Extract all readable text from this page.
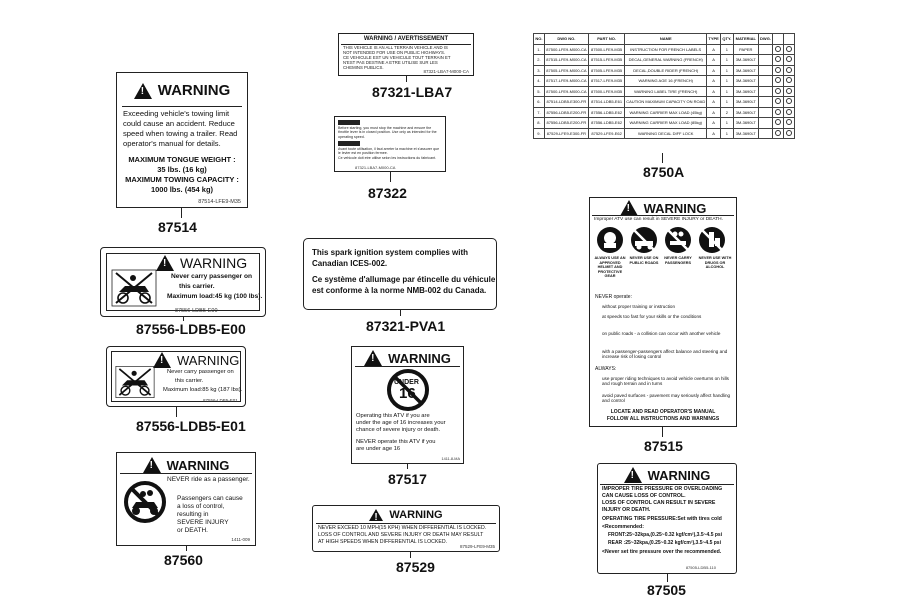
!
WARNING
Exceeding vehicle's towing limit could cause an accident. Reduce speed when towing a trailer. Read operator's manual for details.
MAXIMUM TONGUE WEIGHT :
35 lbs. (16 kg)
MAXIMUM TOWING CAPACITY :
1000 lbs. (454 kg)
87514-LFE9-M35
87514
!
WARNING
Never carry passenger on
this carrier.
Maximum load:45 kg (100 lbs).
87556-LDB5-E00
87556-LDB5-E00
!
WARNING
Never carry passenger on
this carrier.
Maximum load:85 kg (187 lbs).
87556-LDB5-E01
87556-LDB5-E01
!
WARNING
NEVER ride as a passenger.
Passengers can cause
a loss of control,
resulting in
SEVERE INJURY
or DEATH.
1411-009
87560
WARNING / AVERTISSEMENT
THIS VEHICLE IS AN ALL TERRAIN VEHICLE AND IS
NOT INTENDED FOR USE ON PUBLIC HIGHWAYS.
CE VEHICULE EST UN VEHICULE TOUT TERRAIN ET
N'EST PAS DESTINE A ETRE UTILISE SUR LES
CHEMINS PUBLICS.
87321-LBA7-M000-CA
87321-LBA7
Before starting, you must stop the machine and ensure the throttle lever is in closed position. Use only as intended for the operating speed.
Avant toute utilisation, il faut arreter la machine et s'assurer que le levier est en position fermee.
Ce vehicule doit etre utilise selon les instructions du fabricant.
87321-LBA7-M000-CA
87322
This spark ignition system complies with
Canadian ICES-002.
Ce système d'allumage par étincelle du véhicule
est conforme à la norme NMB-002 du Canada.
87321-PVA1
!
WARNING
UNDER
16
Operating this ATV if you are
under the age of 16 increases your
chance of severe injury or death.
NEVER operate this ATV if you
are under age 16
1411-8-MA
87517
!
WARNING
NEVER EXCEED 10 MPH(15 KPH) WHEN DIFFERENTIAL IS LOCKED.
LOSS OF CONTROL AND SEVERE INJURY OR DEATH MAY RESULT
AT HIGH SPEEDS WHEN DIFFERENTIAL IS LOCKED.
87529-LFE9-M35
87529
NO.	DWG NO.	PART NO.	NAME	TYPE	QTY.	MATERIAL	DWG.		
1.	87500-LFE9-M000-CA	87500-LFE9-M35	INSTRUCTION FOR FRENCH LABELS	A	1	PAPER			
2.	87515-LFE9-M000-CA	87515-LFE9-M35	DECAL,GENERAL WARNING (FRENCH)	A	1	3M-3690LT			
3.	87505-LFE9-M000-CA	87505-LFE9-M35	DECAL,DOUBLE RIDER (FRENCH)	A	1	3M-3690LT			
4.	87517-LFE9-M000-CA	87517-LFE9-M35	WARNING AGE 16 (FRENCH)	A	1	3M-3690LT			
5.	87500-LFE9-M000-CA	87500-LFE9-M35	WARNING LABEL TIRE (FRENCH)	A	1	3M-3690LT			
6.	87514-LDB5-E300-FR	87514-LDB5-E61	CAUTION MAXIMUM CAPACITY ON ROAD	A	1	3M-3690LT			
7.	87556-LDB5-E200-FR	87556-LDB5-E62	WARNING CARRIER MAX LOAD (45kg)	A	2	3M-3690LT			
8.	87556-LDB5-E200-FR	87556-LDB5-E62	WARNING CARRIER MAX LOAD (85kg)	A	1	3M-3690LT			
9.	87529-LFE9-E300-FR	87529-LFE9-E62	WARNING DECAL DIFF LOCK	A	1	3M-3690LT			
8750A
!
WARNING
Improper ATV use can result in SEVERE INJURY or DEATH.
ALWAYS USE AN APPROVED HELMET AND PROTECTIVE GEAR
NEVER USE ON PUBLIC ROADS
NEVER CARRY PASSENGERS
NEVER USE WITH DRUGS OR ALCOHOL
NEVER operate:
without proper training or instruction
at speeds too fast for your skills or the conditions
on public roads - a collision can occur with another vehicle
with a passenger-passengers affect balance and steering and increase risk of losing control
ALWAYS:
use proper riding techniques to avoid vehicle overturns on hills and rough terrain and in turns
avoid paved surfaces - pavement may seriously affect handling and control
LOCATE AND READ OPERATOR'S MANUAL
FOLLOW ALL INSTRUCTIONS AND WARNINGS
87515
!
WARNING
IMPROPER TIRE PRESSURE OR OVERLOADING
CAN CAUSE LOSS OF CONTROL.
LOSS OF CONTROL CAN RESULT IN SEVERE
INJURY OR DEATH.
OPERATING TIRE PRESSURE:Set with tires cold
<Recommended:
FRONT:25~32kpa,(0.25~0.32 kgf/cm²),3.5~4.5 psi
REAR :25~32kpa,(0.25~0.32 kgf/cm²),3.5~4.5 psi
<Never set tire pressure over the recommended.
87505-LDB5-110
87505
